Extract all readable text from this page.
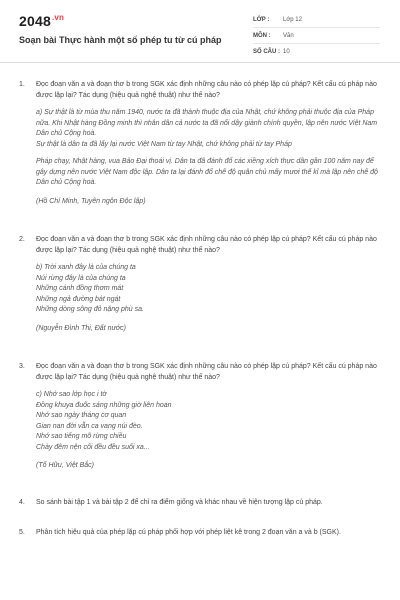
$2048^{.vn}$
Soạn bài Thực hành một số phép tu từ cú pháp
LỚP :	Lớp 12
MÔN :	Văn
SỐ CÂU : 10
1. Đọc đoạn văn a và đoạn thơ b trong SGK xác định những câu nào có phép lặp cú pháp? Kết cấu cú pháp nào được lặp lại? Tác dụng (hiệu quả nghệ thuật) như thế nào?

a) Sự thật là từ mùa thu năm 1940, nước ta đã thành thuộc địa của Nhật, chứ không phải thuộc địa của Pháp nữa. Khi Nhật hàng Đồng minh thì nhân dân cả nước ta đã nổi dậy giành chính quyền, lập nên nước Việt Nam Dân chủ Cộng hoà.

Sự thật là dân ta đã lấy lại nước Việt Nam từ tay Nhật, chứ không phải từ tay Pháp

Pháp chạy, Nhật hàng, vua Bảo Đại thoái vị. Dân ta đã đánh đổ các xiềng xích thực dân gần 100 năm nay để gây dựng nên nước Việt Nam độc lập. Dân ta lại đánh đổ chế độ quân chủ mấy mươi thế kỉ mà lập nên chế độ Dân chủ Cộng hoà.

(Hồ Chí Minh, Tuyên ngôn Độc lập)
2. Đọc đoạn văn a và đoạn thơ b trong SGK xác định những câu nào có phép lặp cú pháp? Kết cấu cú pháp nào được lặp lại? Tác dụng (hiệu quả nghệ thuật) như thế nào?

b) Trời xanh đây là của chúng ta

Núi rừng đây là của chúng ta

Những cánh đồng thơm mát

Những ngả đường bát ngát

Những dòng sông đỏ nặng phù sa.

(Nguyễn Đình Thi, Đất nước)
3. Đọc đoạn văn a và đoạn thơ b trong SGK xác định những câu nào có phép lặp cú pháp? Kết cấu cú pháp nào được lặp lại? Tác dụng (hiệu quả nghệ thuật) như thế nào?

c) Nhớ sao lớp học i tờ

Đồng khuya đuốc sáng những giờ liên hoan

Nhớ sao ngày tháng cơ quan

Gian nan đời vẫn ca vang núi đèo.

Nhớ sao tiếng mõ rừng chiều

Chày đêm nện cối đều đều suối xa...

(Tố Hữu, Việt Bắc)
4. So sánh bài tập 1 và bài tập 2 để chỉ ra điểm giống và khác nhau về hiện tượng lặp cú pháp.

5. Phân tích hiệu quả của phép lặp cú pháp phối hợp với phép liệt kê trong 2 đoạn văn a và b (SGK).
